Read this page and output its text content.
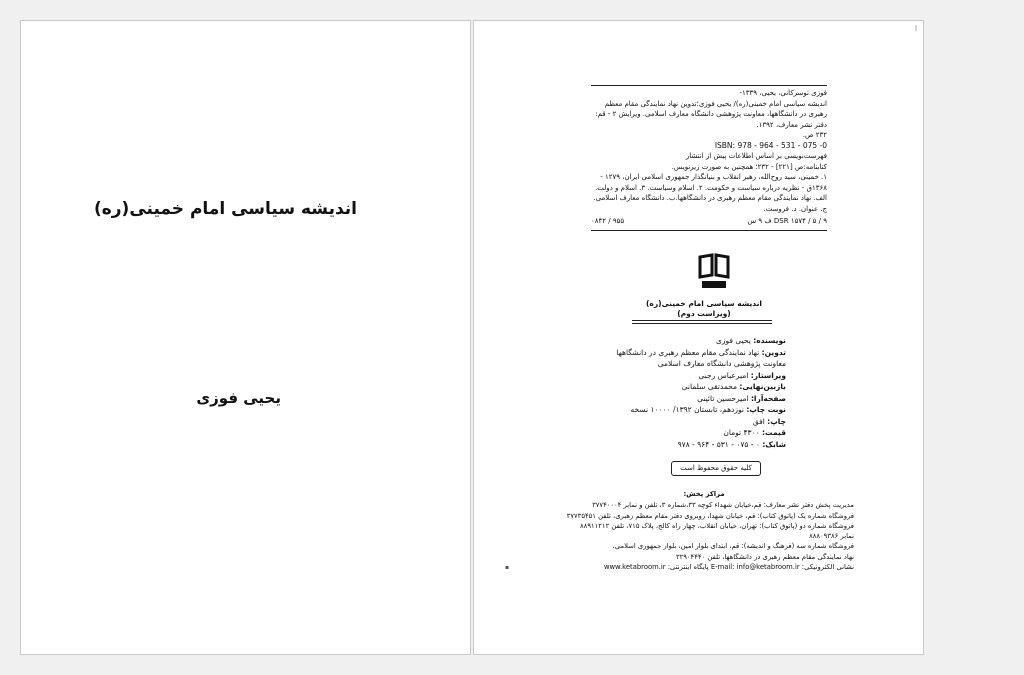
اندیشه سیاسی امام خمینی(ره)
یحیی فوزی
|
▪
فوزی توسرکانی، یحیی، ۱۳۳۹-
اندیشه سیاسی امام خمینی(ره)/ یحیی فوزی؛تدوین نهاد نمایندگی مقام معظم
رهبری در دانشگاهها، معاونت پژوهشی دانشگاه معارف اسلامی. ویرایش ۲ - قم:
دفتر نشر معارف، ۱۳۹۲.
۲۳۲ ص.
ISBN: 978 - 964 - 531 - 075 -0
فهرست‌نویسی بر اساس اطلاعات پیش از انتشار
کتابنامه:ص [۲۲۱] - ۲۳۲؛ همچنین به صورت زیرنویس.
۱. خمینی، سید روح‌الله، رهبر انقلاب و بنیانگذار جمهوری اسلامی ایران، ۱۲۷۹ -
۱۳۶۸ق - نظریه درباره سیاست و حکومت. ۲. اسلام وسیاست. ۳. اسلام و دولت.
الف. نهاد نمایندگی مقام معظم رهبری در دانشگاهها.ب. دانشگاه معارف اسلامی.
ج. عنوان. د. فروست.
DSR ۱۵۷۴ / ۵ / ۹ ف ۹ س
۹۵۵ / ۰۸۴۲
اندیشه سیاسی امام خمینی(ره)
(ویراست دوم)
نویسنده: یحیی فوزی
تدوین: نهاد نمایندگی مقام معظم رهبری در دانشگاهها
معاونت پژوهشی دانشگاه معارف اسلامی
ویراستار: امیرعباس رجبی
بازبین‌نهایی: محمدتقی سلمانی
صفحه‌آرا: امیرحسین تائینی
نوبت چاپ: نوزدهم، تابستان ۱۳۹۲/ ۱۰۰۰۰ نسخه
چاپ: افق
قیمت: ۴۳۰۰ تومان
شابک: ۰ - ۰۷۵ - ۵۳۱ - ۹۶۴ - ۹۷۸
کلیه حقوق محفوظ است
مراکز پخش:
مدیریت پخش دفتر نشر معارف: قم،خیابان شهداء کوچه ۳۳،شماره ۳، تلفن و نمابر ۳۷۷۴۰۰۰۴
فروشگاه شماره یک (پاتوق کتاب): قم، خیابان شهدا، روبروی دفتر مقام معظم رهبری، تلفن ۳۷۷۳۵۴۵۱
فروشگاه شماره دو (پاتوق کتاب): تهران، خیابان انقلاب، چهار راه کالج، پلاک ۷۱۵، تلفن ۸۸۹۱۱۲۱۲
نمابر ۸۸۸۰۹۳۸۶
فروشگاه شماره سه (فرهنگ و اندیشه): قم، ابتدای بلوار امین، بلوار جمهوری اسلامی،
نهاد نمایندگی مقام معظم رهبری در دانشگاهها، تلفن ۳۲۹۰۴۴۴۰
نشانی الکترونیکی: E-mail: info@ketabroom.ir پایگاه اینترنتی: www.ketabroom.ir
